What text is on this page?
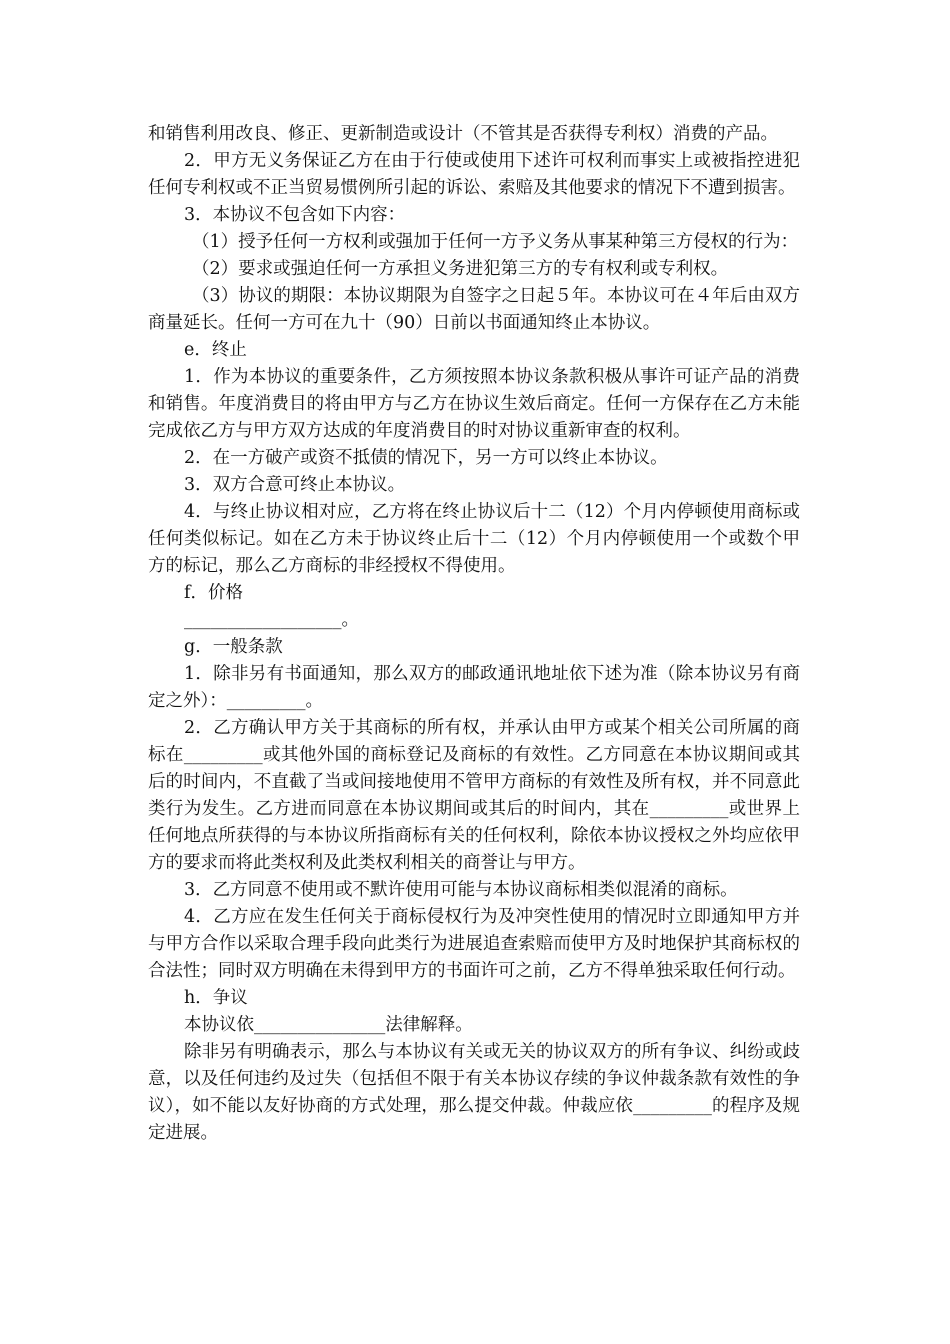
和销售利用改良、修正、更新制造或设计（不管其是否获得专利权）消费的产品。

2．甲方无义务保证乙方在由于行使或使用下述许可权利而事实上或被指控进犯任何专利权或不正当贸易惯例所引起的诉讼、索赔及其他要求的情况下不遭到损害。

3．本协议不包含如下内容：

（1）授予任何一方权利或强加于任何一方予义务从事某种第三方侵权的行为：

（2）要求或强迫任何一方承担义务进犯第三方的专有权利或专利权。

（3）协议的期限：本协议期限为自签字之日起５年。本协议可在４年后由双方商量延长。任何一方可在九十（90）日前以书面通知终止本协议。

e．终止

1．作为本协议的重要条件，乙方须按照本协议条款积极从事许可证产品的消费和销售。年度消费目的将由甲方与乙方在协议生效后商定。任何一方保存在乙方未能完成依乙方与甲方双方达成的年度消费目的时对协议重新审查的权利。

2．在一方破产或资不抵债的情况下，另一方可以终止本协议。

3．双方合意可终止本协议。

4．与终止协议相对应，乙方将在终止协议后十二（12）个月内停顿使用商标或任何类似标记。如在乙方未于协议终止后十二（12）个月内停顿使用一个或数个甲方的标记，那么乙方商标的非经授权不得使用。

f．价格

__________________。

g．一般条款

1．除非另有书面通知，那么双方的邮政通讯地址依下述为准（除本协议另有商定之外）：_________。

2．乙方确认甲方关于其商标的所有权，并承认由甲方或某个相关公司所属的商标在_________或其他外国的商标登记及商标的有效性。乙方同意在本协议期间或其后的时间内，不直截了当或间接地使用不管甲方商标的有效性及所有权，并不同意此类行为发生。乙方进而同意在本协议期间或其后的时间内，其在_________或世界上任何地点所获得的与本协议所指商标有关的任何权利，除依本协议授权之外均应依甲方的要求而将此类权利及此类权利相关的商誉让与甲方。

3．乙方同意不使用或不默许使用可能与本协议商标相类似混淆的商标。

4．乙方应在发生任何关于商标侵权行为及冲突性使用的情况时立即通知甲方并与甲方合作以采取合理手段向此类行为进展追查索赔而使甲方及时地保护其商标权的合法性；同时双方明确在未得到甲方的书面许可之前，乙方不得单独采取任何行动。

h．争议

本协议依_______________法律解释。

除非另有明确表示，那么与本协议有关或无关的协议双方的所有争议、纠纷或歧意，以及任何违约及过失（包括但不限于有关本协议存续的争议仲裁条款有效性的争议），如不能以友好协商的方式处理，那么提交仲裁。仲裁应依_________的程序及规定进展。
